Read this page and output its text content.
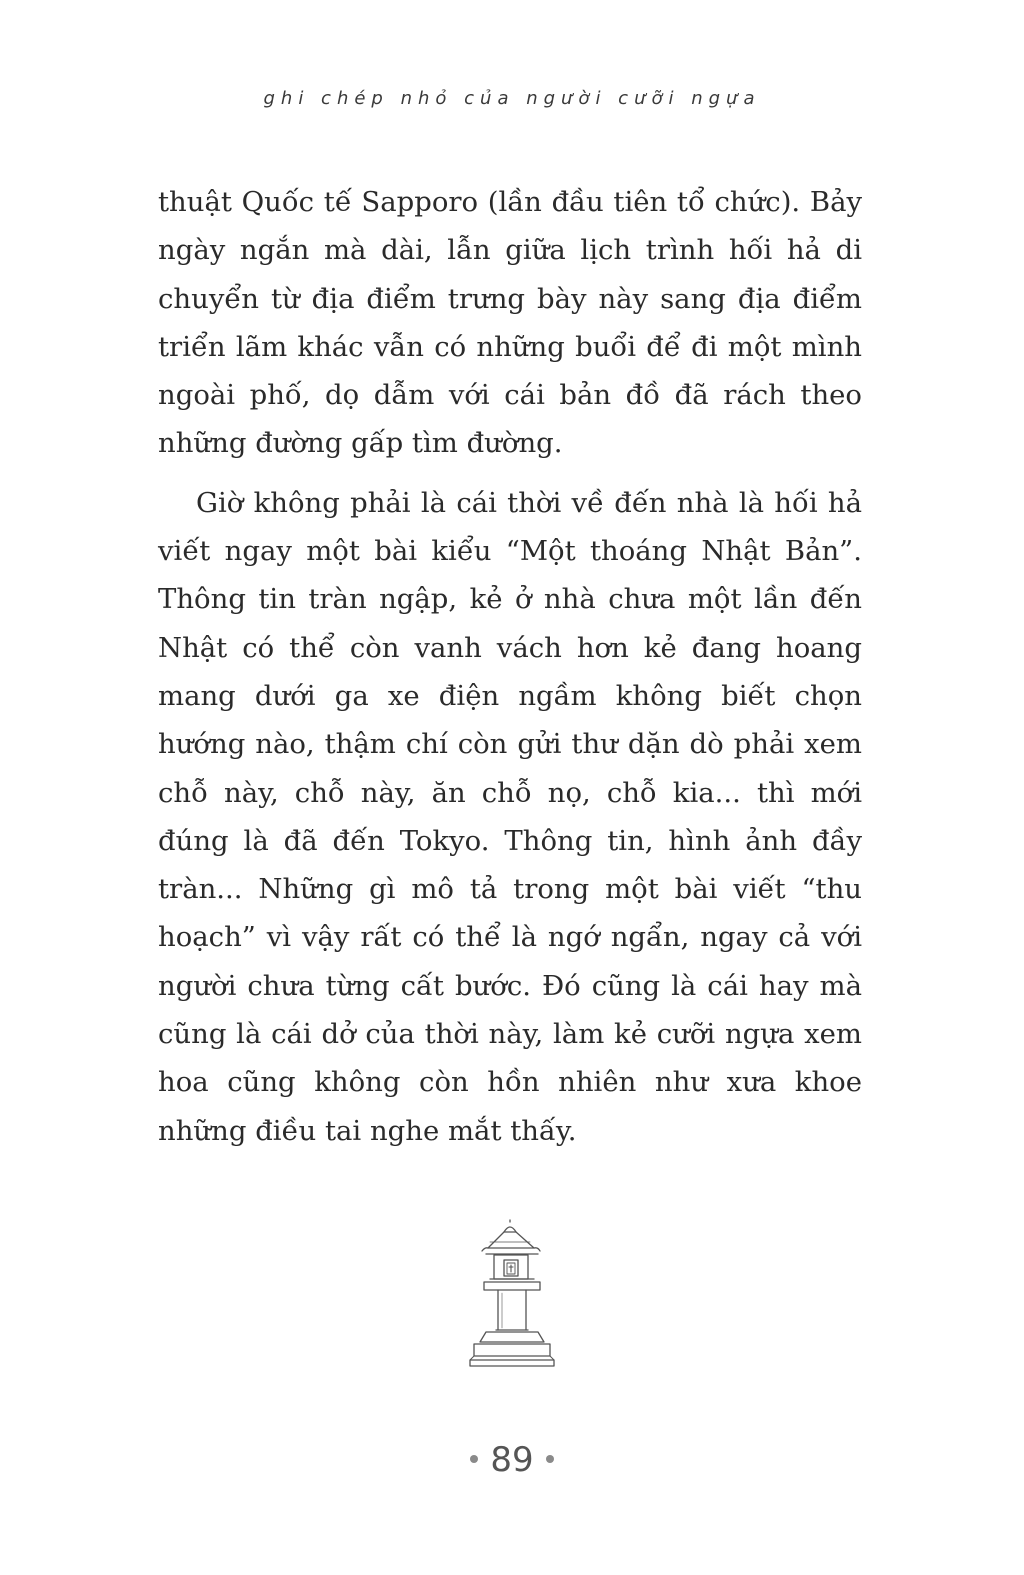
ghi chép nhỏ của người cưỡi ngựa

thuật Quốc tế Sapporo (lần đầu tiên tổ chức). Bảy ngày ngắn mà dài, lẫn giữa lịch trình hối hả di chuyển từ địa điểm trưng bày này sang địa điểm triển lãm khác vẫn có những buổi để đi một mình ngoài phố, dọ dẫm với cái bản đồ đã rách theo những đường gấp tìm đường.

Giờ không phải là cái thời về đến nhà là hối hả viết ngay một bài kiểu “Một thoáng Nhật Bản”. Thông tin tràn ngập, kẻ ở nhà chưa một lần đến Nhật có thể còn vanh vách hơn kẻ đang hoang mang dưới ga xe điện ngầm không biết chọn hướng nào, thậm chí còn gửi thư dặn dò phải xem chỗ này, chỗ này, ăn chỗ nọ, chỗ kia... thì mới đúng là đã đến Tokyo. Thông tin, hình ảnh đầy tràn... Những gì mô tả trong một bài viết “thu hoạch” vì vậy rất có thể là ngớ ngẩn, ngay cả với người chưa từng cất bước. Đó cũng là cái hay mà cũng là cái dở của thời này, làm kẻ cưỡi ngựa xem hoa cũng không còn hồn nhiên như xưa khoe những điều tai nghe mắt thấy.

89
